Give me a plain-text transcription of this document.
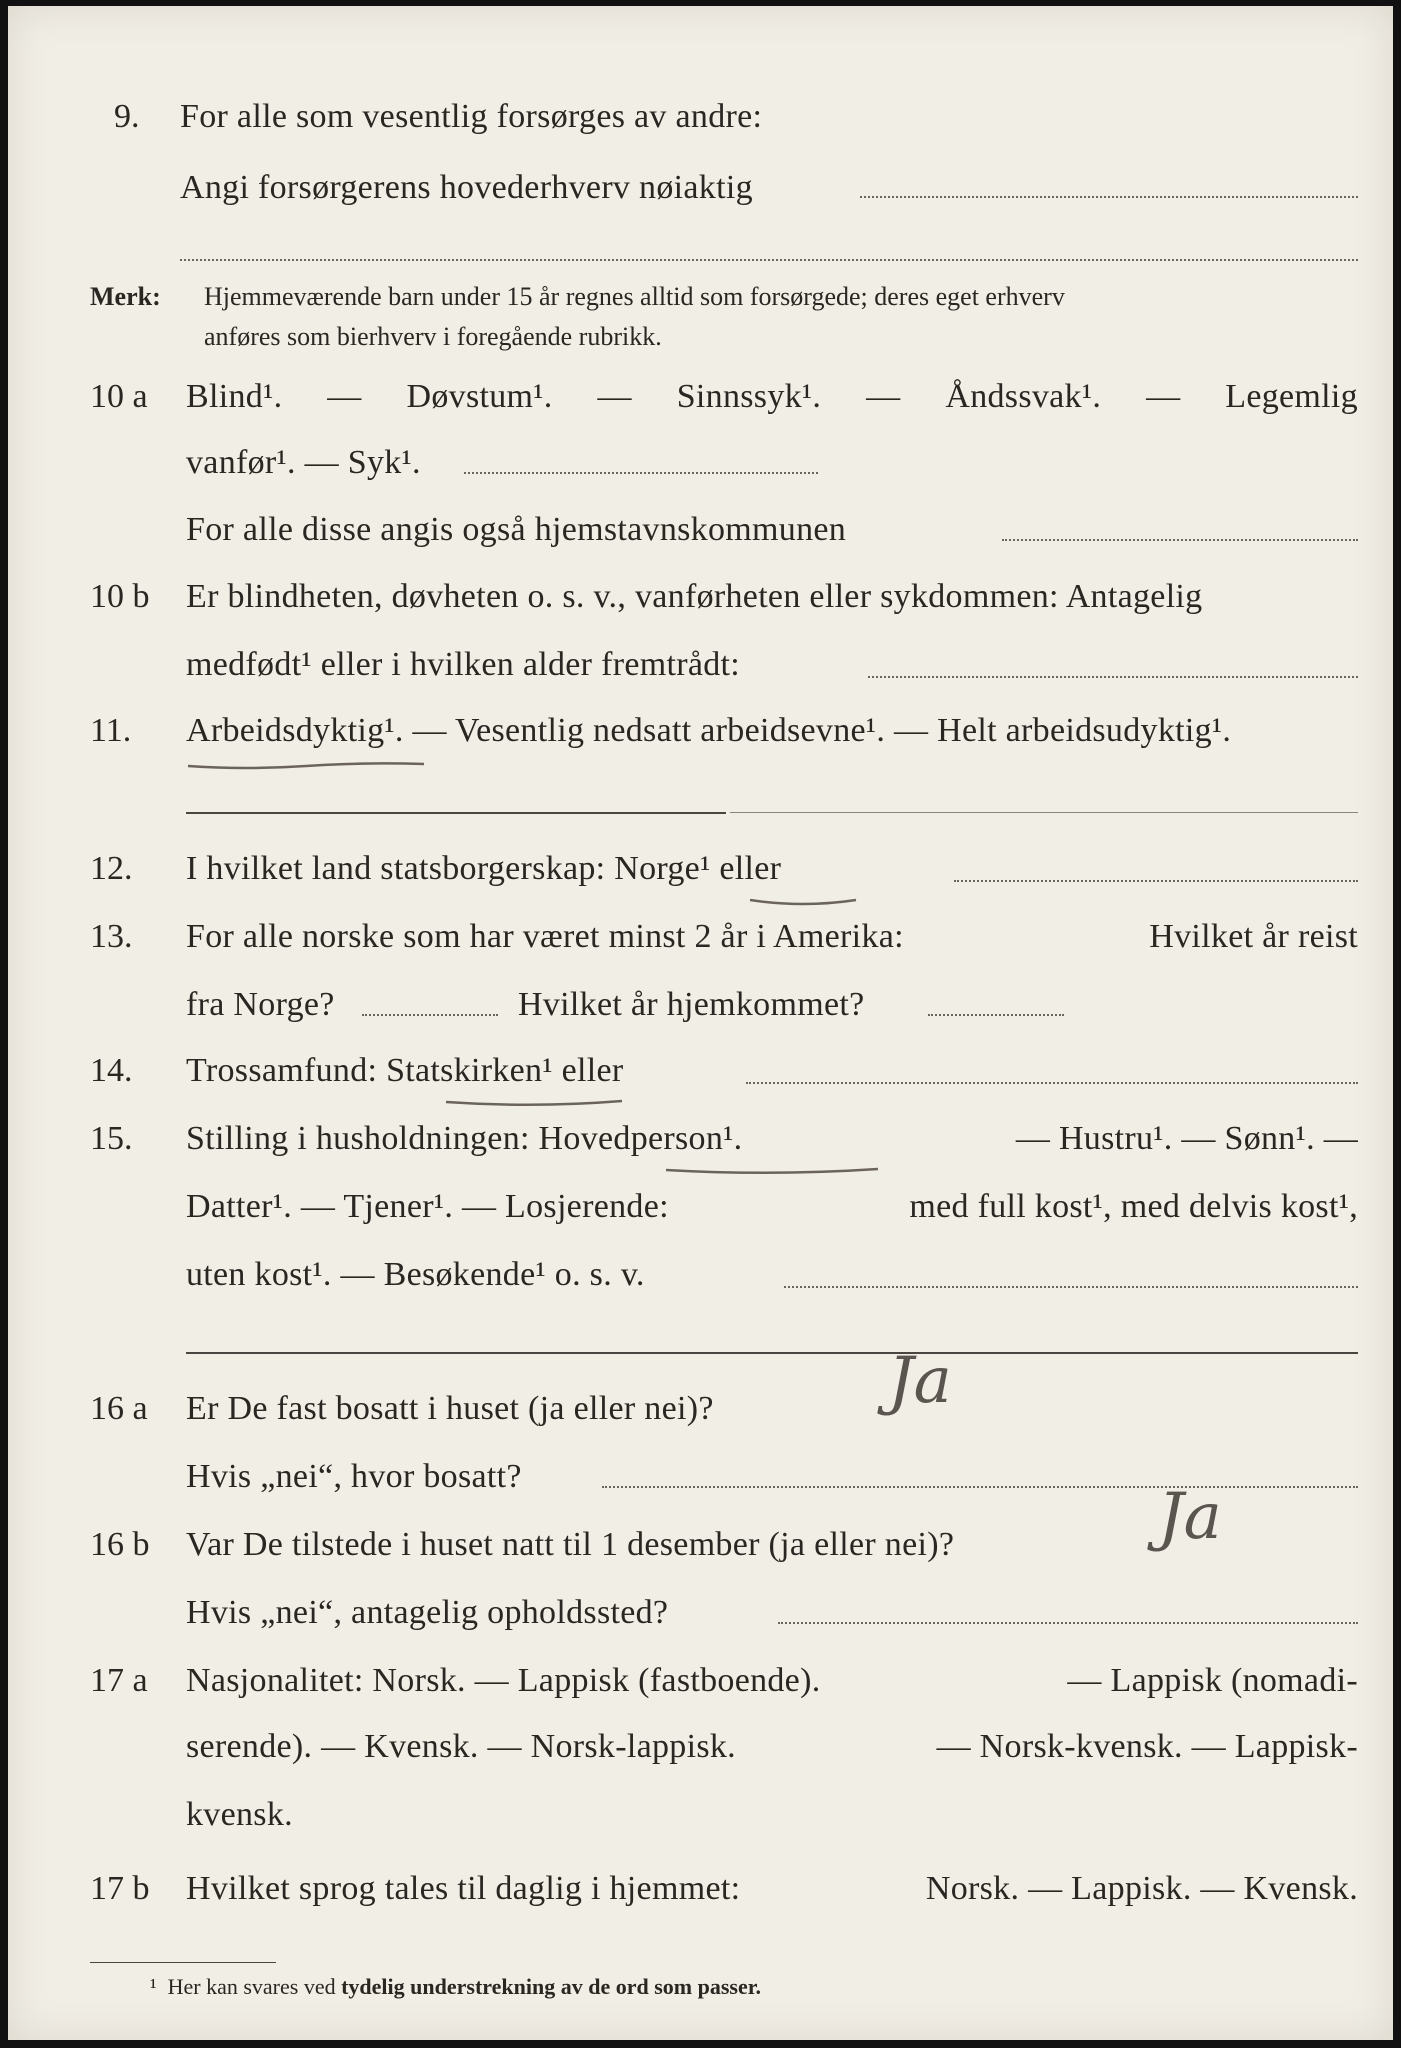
9. For alle som vesentlig forsørges av andre:
Angi forsørgerens hovederhverv nøiaktig
Merk: Hjemmeværende barn under 15 år regnes alltid som forsørgede; deres eget erhverv
anføres som bierhverv i foregående rubrikk.
10 a Blind¹. — Døvstum¹. — Sinnssyk¹. — Åndssvak¹. — Legemlig
vanfør¹. — Syk¹.
For alle disse angis også hjemstavnskommunen
10 b Er blindheten, døvheten o. s. v., vanførheten eller sykdommen: Antagelig
medfødt¹ eller i hvilken alder fremtrådt:
11. Arbeidsdyktig¹. — Vesentlig nedsatt arbeidsevne¹. — Helt arbeidsudyktig¹.
12. I hvilket land statsborgerskap: Norge¹ eller
13. For alle norske som har været minst 2 år i Amerika:	Hvilket år reist
fra Norge?	Hvilket år hjemkommet?
14. Trossamfund: Statskirken¹ eller
15. Stilling i husholdningen: Hovedperson¹.	— Hustru¹. — Sønn¹. —
Datter¹. — Tjener¹. — Losjerende:	med full kost¹, med delvis kost¹,
uten kost¹. — Besøkende¹ o. s. v.
16 a Er De fast bosatt i huset (ja eller nei)?	Ja
Hvis „nei“, hvor bosatt?
16 b Var De tilstede i huset natt til 1 desember (ja eller nei)?	Ja
Hvis „nei“, antagelig opholdssted?
17 a Nasjonalitet: Norsk. — Lappisk (fastboende).	— Lappisk (nomadi-
serende). — Kvensk. — Norsk-lappisk.	— Norsk-kvensk. — Lappisk-
kvensk.
17 b Hvilket sprog tales til daglig i hjemmet:	Norsk. — Lappisk. — Kvensk.
¹ Her kan svares ved tydelig understrekning av de ord som passer.
